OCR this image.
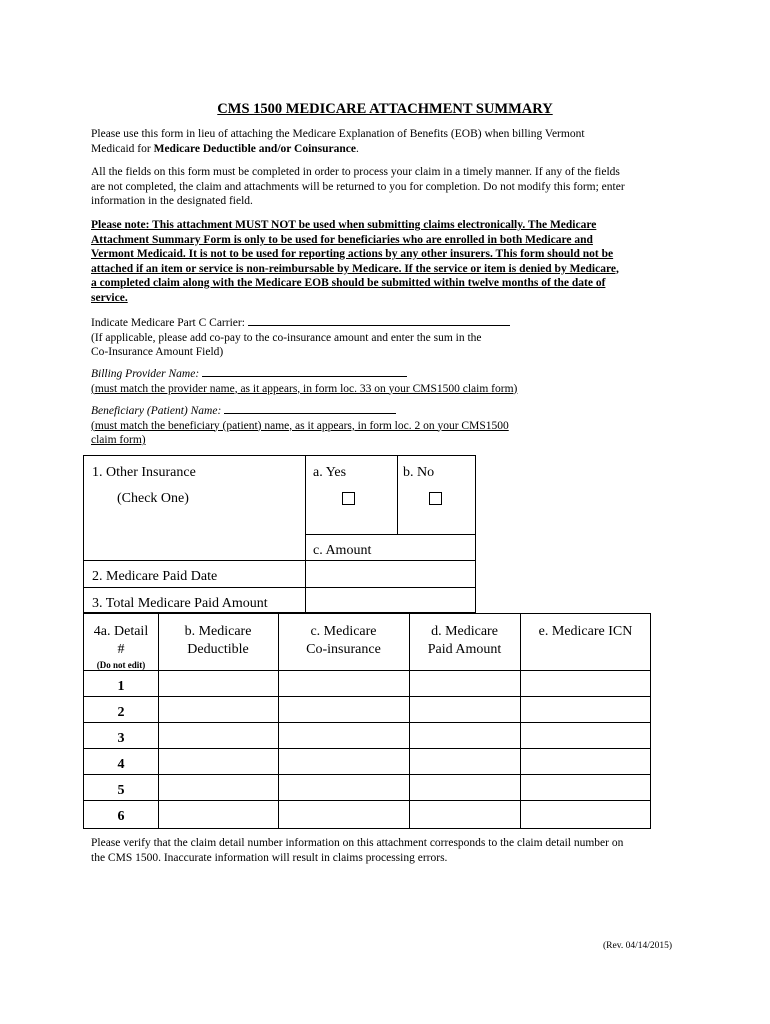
CMS 1500 MEDICARE ATTACHMENT SUMMARY
Please use this form in lieu of attaching the Medicare Explanation of Benefits (EOB) when billing Vermont
Medicaid for Medicare Deductible and/or Coinsurance.
All the fields on this form must be completed in order to process your claim in a timely manner. If any of the fields
are not completed, the claim and attachments will be returned to you for completion. Do not modify this form; enter
information in the designated field.
Please note: This attachment MUST NOT be used when submitting claims electronically. The Medicare
Attachment Summary Form is only to be used for beneficiaries who are enrolled in both Medicare and
Vermont Medicaid. It is not to be used for reporting actions by any other insurers. This form should not be
attached if an item or service is non-reimbursable by Medicare. If the service or item is denied by Medicare,
a completed claim along with the Medicare EOB should be submitted within twelve months of the date of
service.
Indicate Medicare Part C Carrier:
(If applicable, please add co-pay to the co-insurance amount and enter the sum in the
Co-Insurance Amount Field)
Billing Provider Name:
(must match the provider name, as it appears, in form loc. 33 on your CMS1500 claim form)
Beneficiary (Patient) Name:
(must match the beneficiary (patient) name, as it appears, in form loc. 2 on your CMS1500
claim form)
1. Other Insurance
(Check One)
a. Yes	b. No
c. Amount
2. Medicare Paid Date
3. Total Medicare Paid Amount
4a. Detail
#
(Do not edit)
b. Medicare
Deductible
c. Medicare
Co-insurance
d. Medicare
Paid Amount
e. Medicare ICN
1
2
3
4
5
6
Please verify that the claim detail number information on this attachment corresponds to the claim detail number on
the CMS 1500. Inaccurate information will result in claims processing errors.
(Rev. 04/14/2015)
